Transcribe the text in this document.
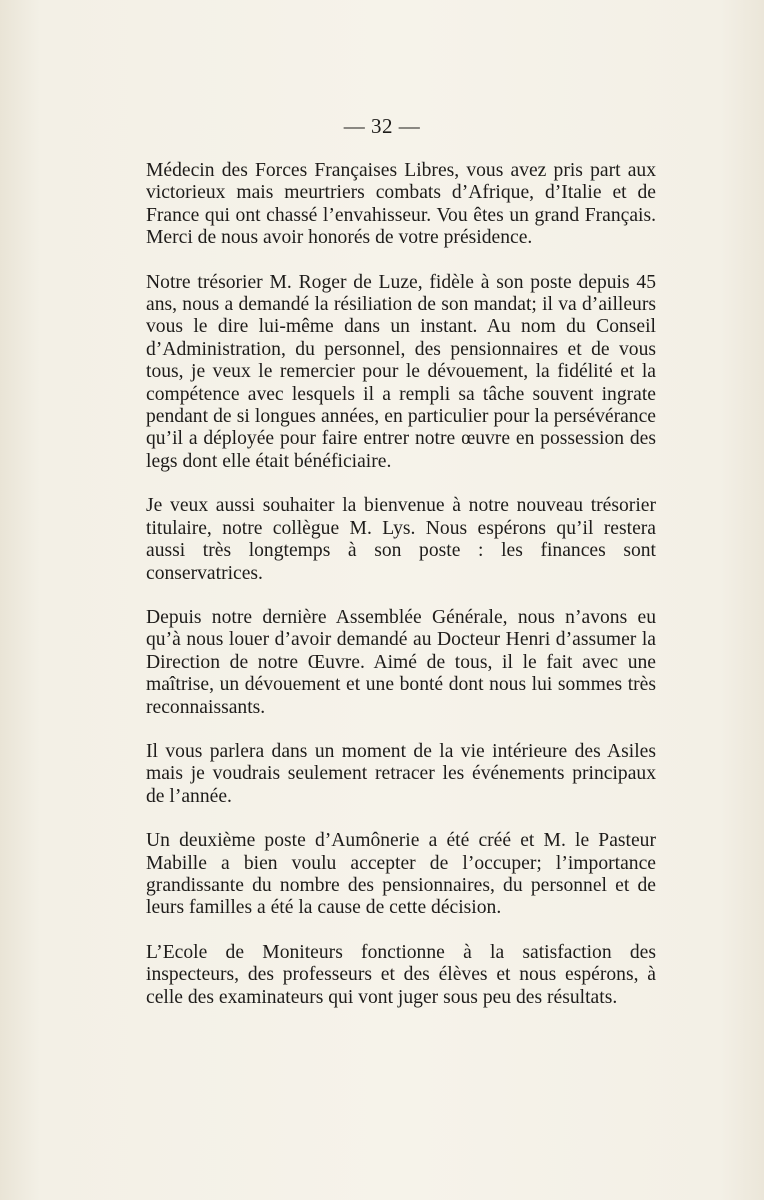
— 32 —

Médecin des Forces Françaises Libres, vous avez pris part aux victorieux mais meurtriers combats d’Afrique, d’Italie et de France qui ont chassé l’envahisseur. Vou êtes un grand Français. Merci de nous avoir honorés de votre présidence.

Notre trésorier M. Roger de Luze, fidèle à son poste depuis 45 ans, nous a demandé la résiliation de son mandat; il va d’ailleurs vous le dire lui-même dans un instant. Au nom du Conseil d’Administration, du personnel, des pensionnaires et de vous tous, je veux le remercier pour le dévouement, la fidélité et la compétence avec lesquels il a rempli sa tâche souvent ingrate pendant de si longues années, en particulier pour la persévérance qu’il a déployée pour faire entrer notre œuvre en possession des legs dont elle était bénéficiaire.

Je veux aussi souhaiter la bienvenue à notre nouveau trésorier titulaire, notre collègue M. Lys. Nous espérons qu’il restera aussi très longtemps à son poste : les finances sont conservatrices.

Depuis notre dernière Assemblée Générale, nous n’avons eu qu’à nous louer d’avoir demandé au Docteur Henri d’assumer la Direction de notre Œuvre. Aimé de tous, il le fait avec une maîtrise, un dévouement et une bonté dont nous lui sommes très reconnaissants.

Il vous parlera dans un moment de la vie intérieure des Asiles mais je voudrais seulement retracer les événements principaux de l’année.

Un deuxième poste d’Aumônerie a été créé et M. le Pasteur Mabille a bien voulu accepter de l’occuper; l’importance grandissante du nombre des pensionnaires, du personnel et de leurs familles a été la cause de cette décision.

L’Ecole de Moniteurs fonctionne à la satisfaction des inspecteurs, des professeurs et des élèves et nous espérons, à celle des examinateurs qui vont juger sous peu des résultats.
